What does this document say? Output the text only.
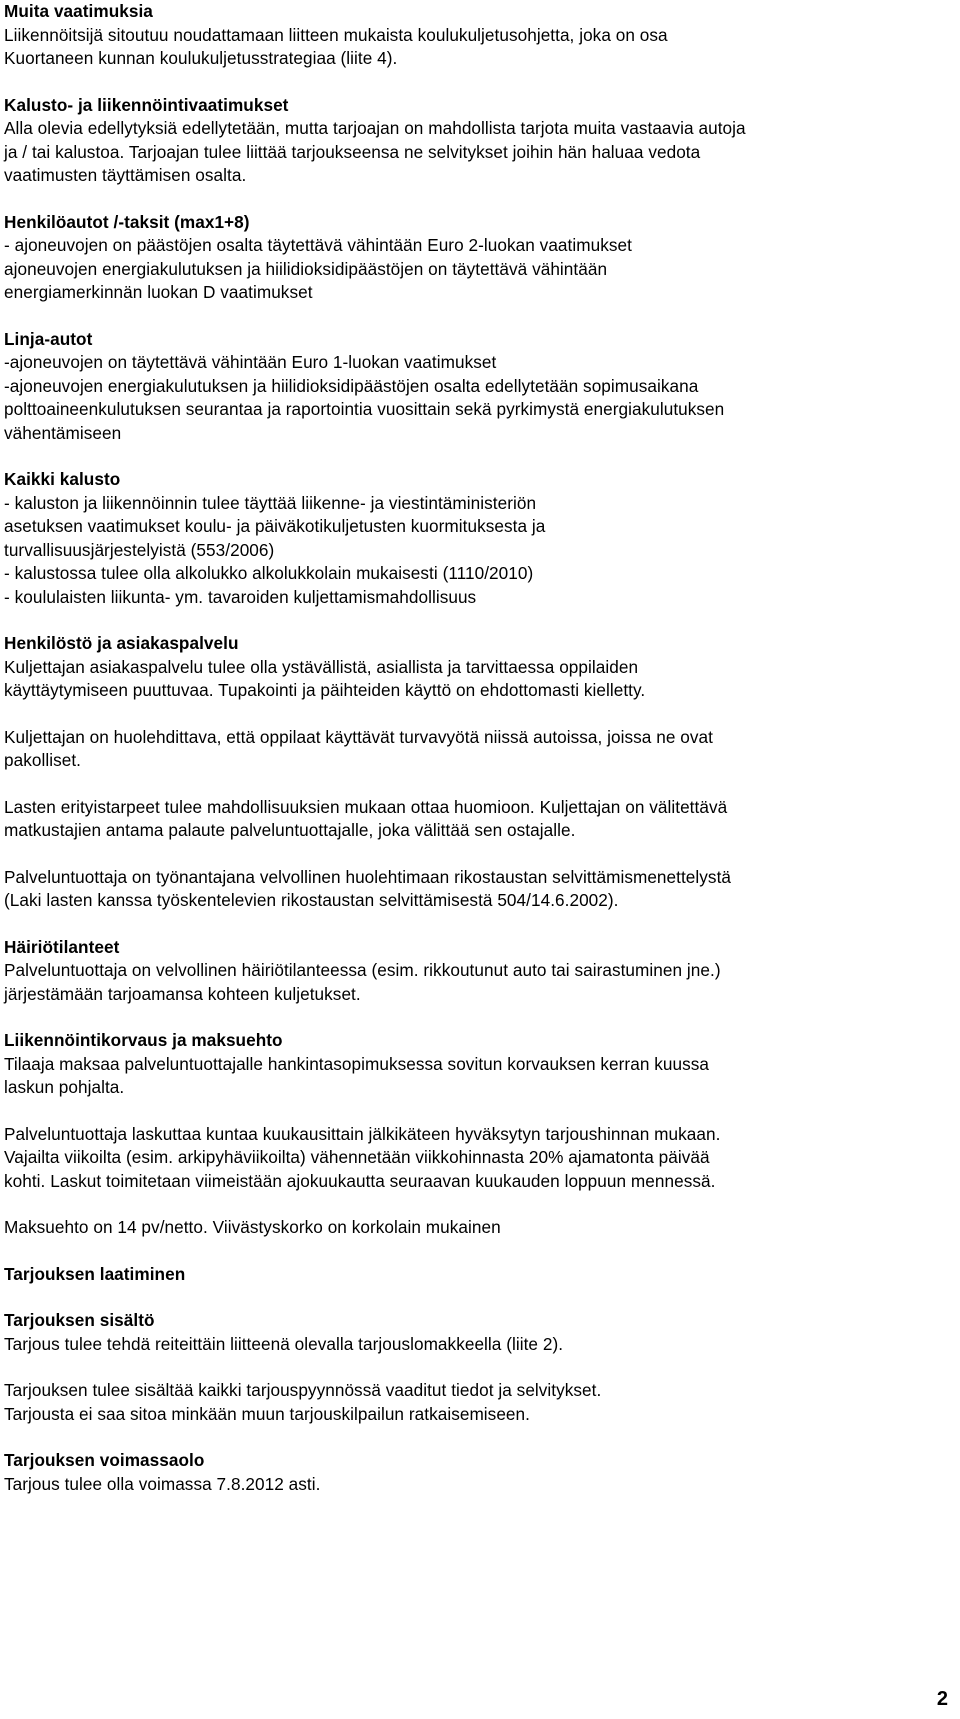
Muita vaatimuksia
Liikennöitsijä sitoutuu noudattamaan liitteen mukaista koulukuljetusohjetta, joka on osa
Kuortaneen kunnan koulukuljetusstrategiaa (liite 4).
Kalusto- ja liikennöintivaatimukset
Alla olevia edellytyksiä edellytetään, mutta tarjoajan on mahdollista tarjota muita vastaavia autoja
ja / tai kalustoa. Tarjoajan tulee liittää tarjoukseensa ne selvitykset joihin hän haluaa vedota
vaatimusten täyttämisen osalta.
Henkilöautot /-taksit (max1+8)
- ajoneuvojen on päästöjen osalta täytettävä vähintään Euro 2-luokan vaatimukset
ajoneuvojen energiakulutuksen ja hiilidioksidipäästöjen on täytettävä vähintään
energiamerkinnän luokan D vaatimukset
Linja-autot
-ajoneuvojen on täytettävä vähintään Euro 1-luokan vaatimukset
-ajoneuvojen energiakulutuksen ja hiilidioksidipäästöjen osalta edellytetään sopimusaikana
polttoaineenkulutuksen seurantaa ja raportointia vuosittain sekä pyrkimystä energiakulutuksen
vähentämiseen
Kaikki kalusto
- kaluston ja liikennöinnin tulee täyttää liikenne- ja viestintäministeriön
asetuksen vaatimukset koulu- ja päiväkotikuljetusten kuormituksesta ja
turvallisuusjärjestelyistä (553/2006)
- kalustossa tulee olla alkolukko alkolukkolain mukaisesti (1110/2010)
- koululaisten liikunta- ym. tavaroiden kuljettamismahdollisuus
Henkilöstö ja asiakaspalvelu
Kuljettajan asiakaspalvelu tulee olla ystävällistä, asiallista ja tarvittaessa oppilaiden
käyttäytymiseen puuttuvaa. Tupakointi ja päihteiden käyttö on ehdottomasti kielletty.
Kuljettajan on huolehdittava, että oppilaat käyttävät turvavyötä niissä autoissa, joissa ne ovat
pakolliset.
Lasten erityistarpeet tulee mahdollisuuksien mukaan ottaa huomioon. Kuljettajan on välitettävä
matkustajien antama palaute palveluntuottajalle, joka välittää sen ostajalle.
Palveluntuottaja on työnantajana velvollinen huolehtimaan rikostaustan selvittämismenettelystä
(Laki lasten kanssa työskentelevien rikostaustan selvittämisestä 504/14.6.2002).
Häiriötilanteet
Palveluntuottaja on velvollinen häiriötilanteessa (esim. rikkoutunut auto tai sairastuminen jne.)
järjestämään tarjoamansa kohteen kuljetukset.
Liikennöintikorvaus ja maksuehto
Tilaaja maksaa palveluntuottajalle hankintasopimuksessa sovitun korvauksen kerran kuussa
laskun pohjalta.
Palveluntuottaja laskuttaa kuntaa kuukausittain jälkikäteen hyväksytyn tarjoushinnan mukaan.
Vajailta viikoilta (esim. arkipyhäviikoilta) vähennetään viikkohinnasta 20% ajamatonta päivää
kohti. Laskut toimitetaan viimeistään ajokuukautta seuraavan kuukauden loppuun mennessä.
Maksuehto on 14 pv/netto. Viivästyskorko on korkolain mukainen
Tarjouksen laatiminen
Tarjouksen sisältö
Tarjous tulee tehdä reiteittäin liitteenä olevalla tarjouslomakkeella (liite 2).
Tarjouksen tulee sisältää kaikki tarjouspyynnössä vaaditut tiedot ja selvitykset.
Tarjousta ei saa sitoa minkään muun tarjouskilpailun ratkaisemiseen.
Tarjouksen voimassaolo
Tarjous tulee olla voimassa 7.8.2012 asti.
2
